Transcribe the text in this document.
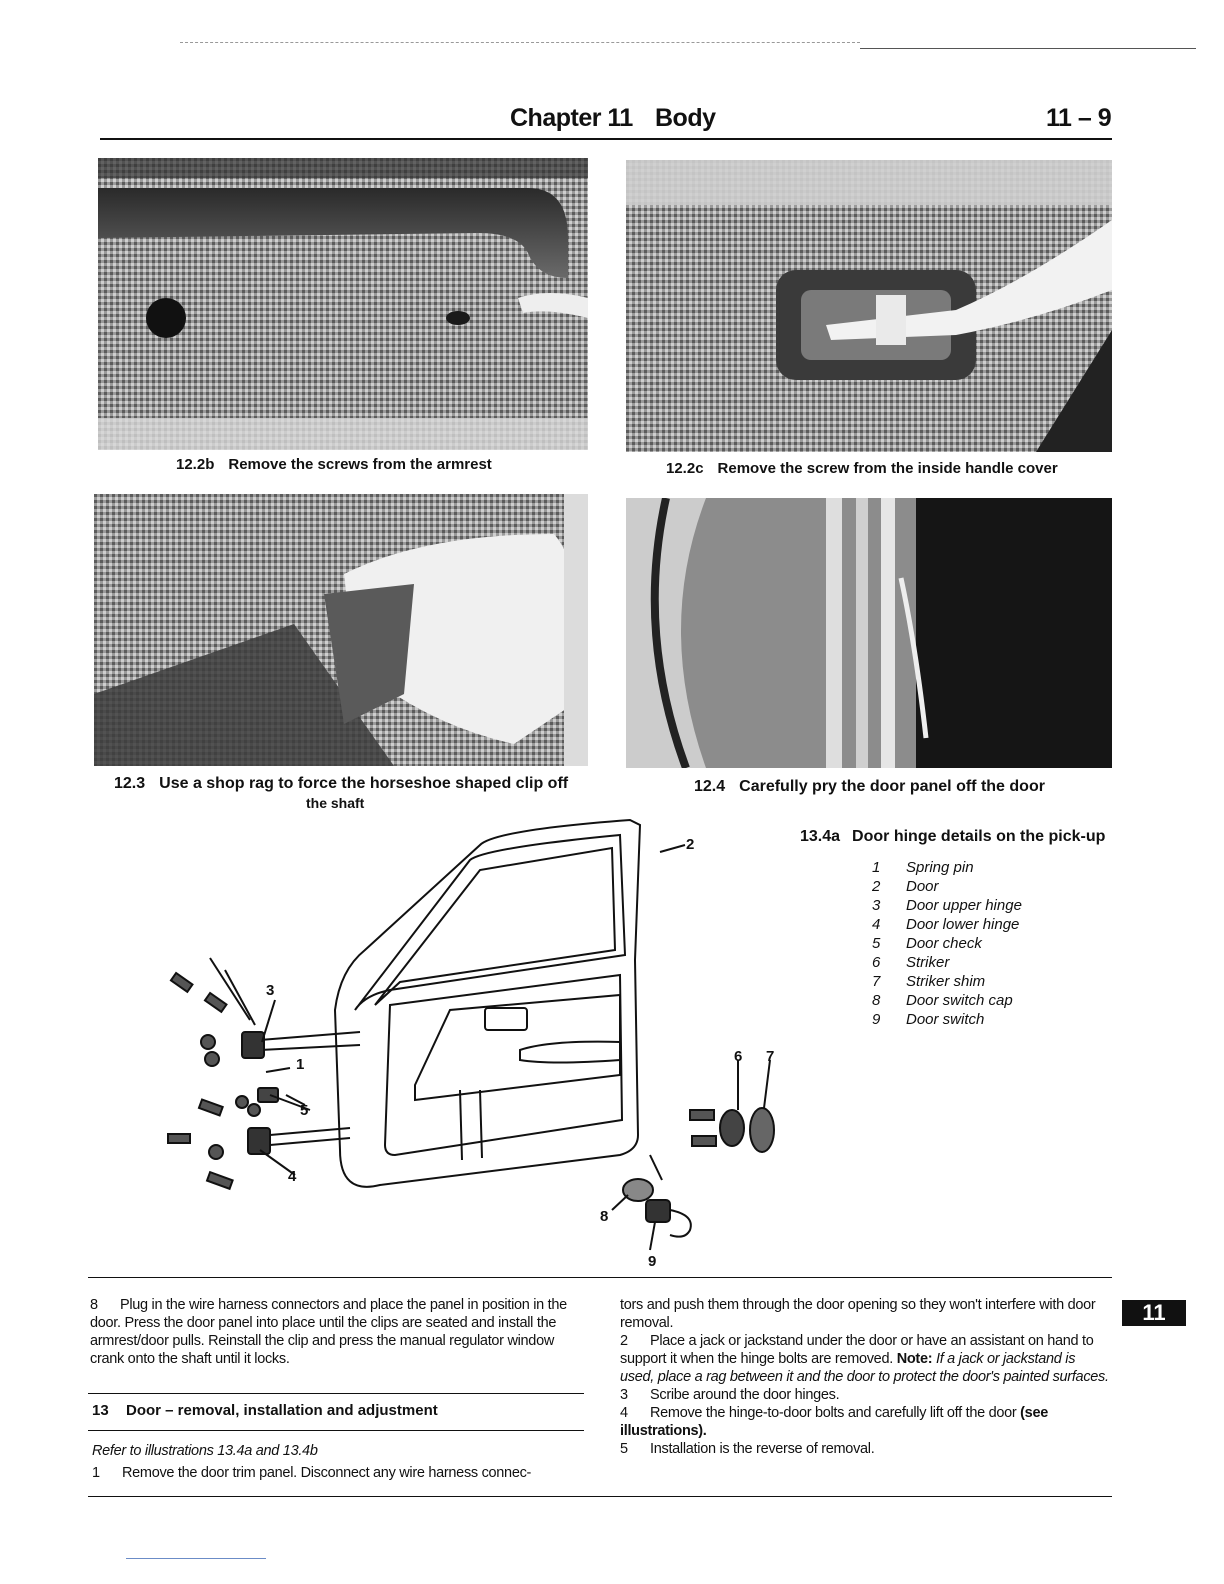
Chapter 11 Body	11 – 9
12.2b Remove the screws from the armrest	12.2c Remove the screw from the inside handle cover
12.3 Use a shop rag to force the horseshoe shaped clip off
the shaft
12.4 Carefully pry the door panel off the door
1
2
3
4
5
6 7
8
9
13.4a Door hinge details on the pick-up
1 Spring pin
2 Door
3 Door upper hinge
4 Door lower hinge
5 Door check
6 Striker
7 Striker shim
8 Door switch cap
9 Door switch

8 Plug in the wire harness connectors and place the panel in position in the door. Press the door panel into place until the clips are seated and install the armrest/door pulls. Reinstall the clip and press the manual regulator window crank onto the shaft until it locks.

13 Door – removal, installation and adjustment
Refer to illustrations 13.4a and 13.4b

1 Remove the door trim panel. Disconnect any wire harness connec-

tors and push them through the door opening so they won't interfere with door removal.

2 Place a jack or jackstand under the door or have an assistant on hand to support it when the hinge bolts are removed. Note: If a jack or jackstand is used, place a rag between it and the door to protect the door's painted surfaces.

3 Scribe around the door hinges.

4 Remove the hinge-to-door bolts and carefully lift off the door (see illustrations).

5 Installation is the reverse of removal.

11
